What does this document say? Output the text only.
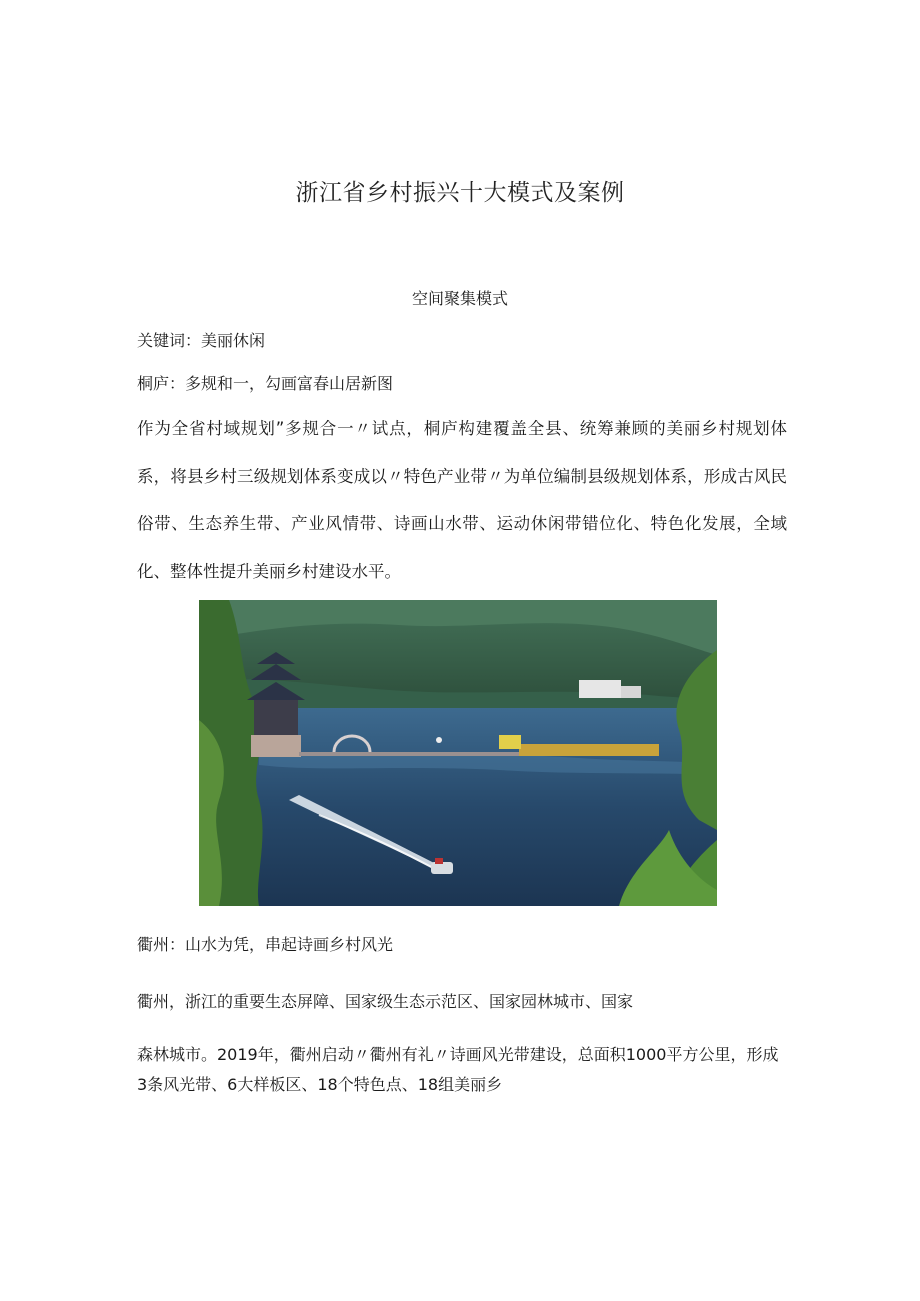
浙江省乡村振兴十大模式及案例
空间聚集模式
关键词：美丽休闲
桐庐：多规和一，勾画富春山居新图
作为全省村域规划”多规合一〃试点，桐庐构建覆盖全县、统筹兼顾的美丽乡村规划体系，将县乡村三级规划体系变成以〃特色产业带〃为单位编制县级规划体系，形成古风民俗带、生态养生带、产业风情带、诗画山水带、运动休闲带错位化、特色化发展，全域化、整体性提升美丽乡村建设水平。
衢州：山水为凭，串起诗画乡村风光
衢州，浙江的重要生态屏障、国家级生态示范区、国家园林城市、国家
森林城市。2019年，衢州启动〃衢州有礼〃诗画风光带建设，总面积1000平方公里，形成3条风光带、6大样板区、18个特色点、18组美丽乡
